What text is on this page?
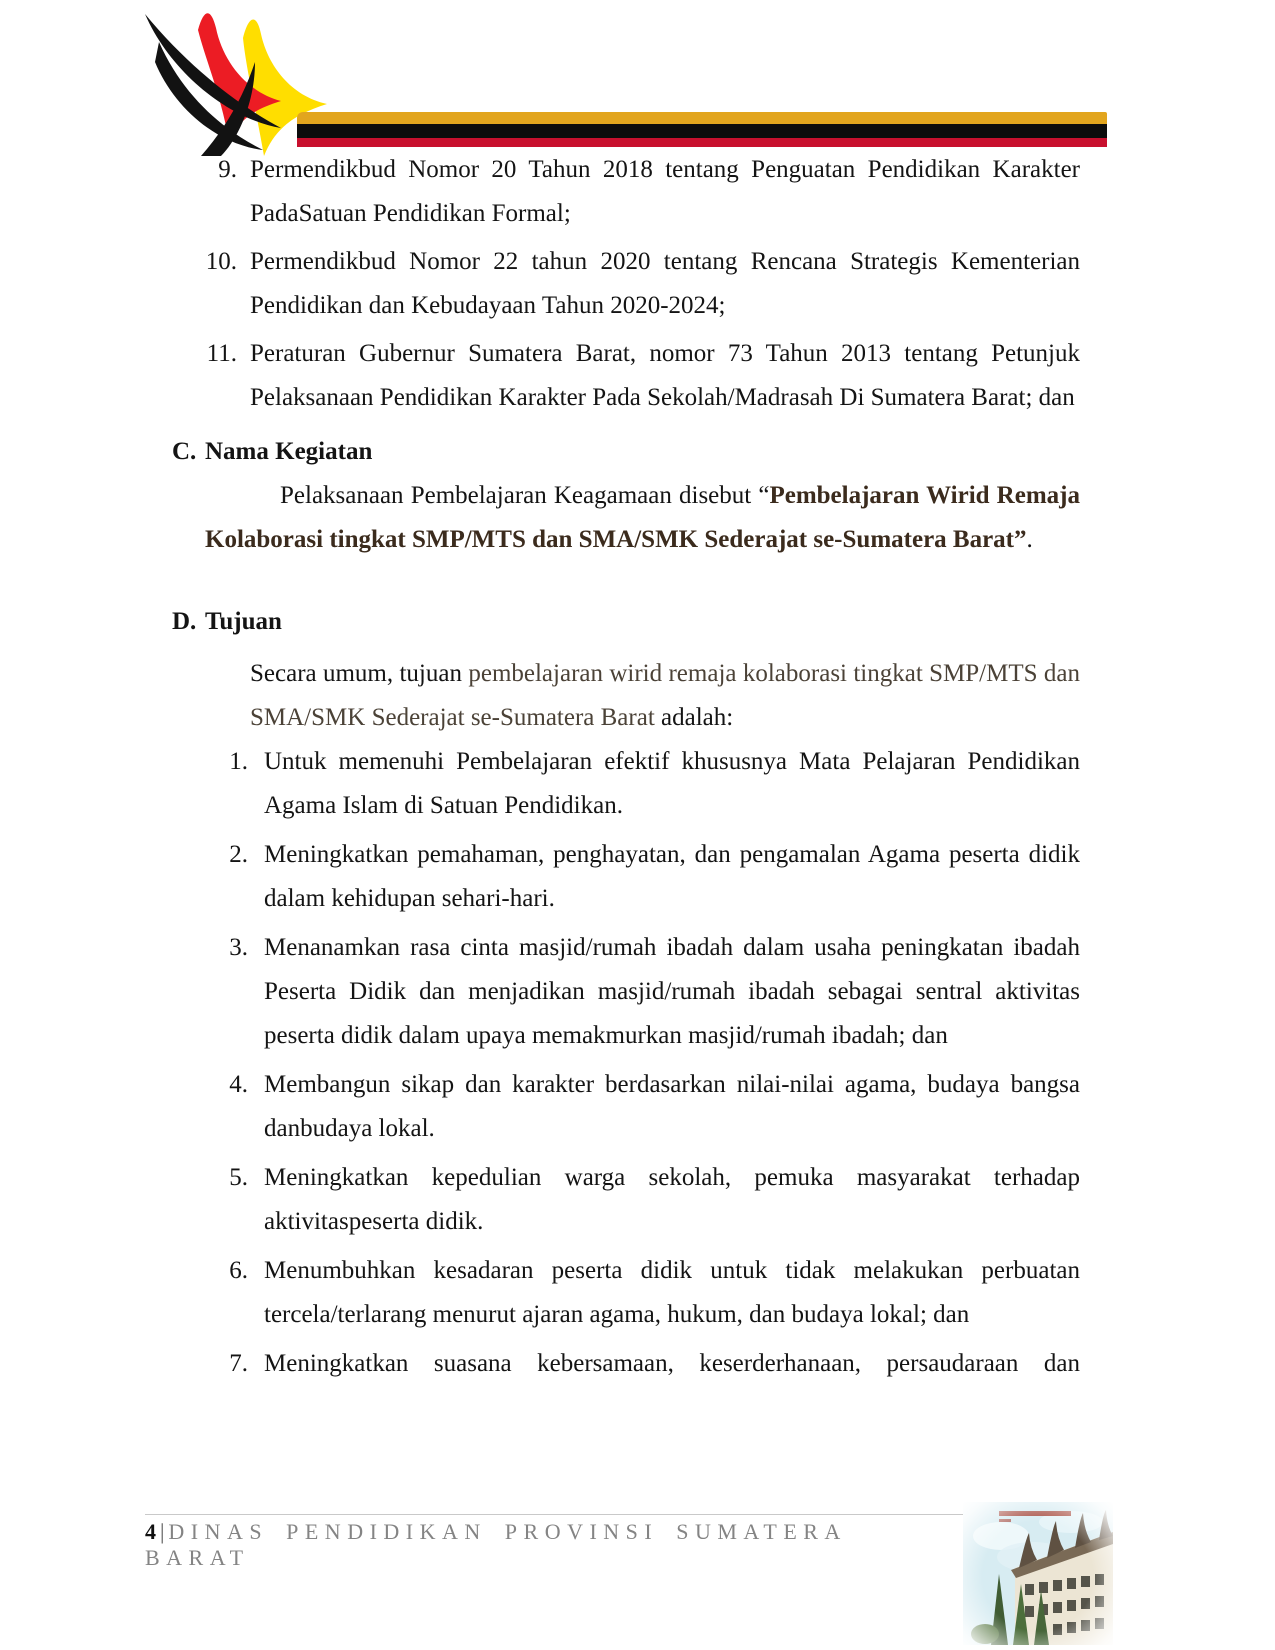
9. Permendikbud Nomor 20 Tahun 2018 tentang Penguatan Pendidikan Karakter PadaSatuan Pendidikan Formal;
10. Permendikbud Nomor 22 tahun 2020 tentang Rencana Strategis Kementerian Pendidikan dan Kebudayaan Tahun 2020-2024;
11. Peraturan Gubernur Sumatera Barat, nomor 73 Tahun 2013 tentang Petunjuk Pelaksanaan Pendidikan Karakter Pada Sekolah/Madrasah Di Sumatera Barat; dan
C. Nama Kegiatan

Pelaksanaan Pembelajaran Keagamaan disebut “Pembelajaran Wirid Remaja Kolaborasi tingkat SMP/MTS dan SMA/SMK Sederajat se-Sumatera Barat”.

D. Tujuan

Secara umum, tujuan pembelajaran wirid remaja kolaborasi tingkat SMP/MTS dan SMA/SMK Sederajat se-Sumatera Barat adalah:

1. Untuk memenuhi Pembelajaran efektif khususnya Mata Pelajaran Pendidikan Agama Islam di Satuan Pendidikan.
2. Meningkatkan pemahaman, penghayatan, dan pengamalan Agama peserta didik dalam kehidupan sehari-hari.
3. Menanamkan rasa cinta masjid/rumah ibadah dalam usaha peningkatan ibadah Peserta Didik dan menjadikan masjid/rumah ibadah sebagai sentral aktivitas peserta didik dalam upaya memakmurkan masjid/rumah ibadah; dan
4. Membangun sikap dan karakter berdasarkan nilai-nilai agama, budaya bangsa danbudaya lokal.
5. Meningkatkan kepedulian warga sekolah, pemuka masyarakat terhadap aktivitaspeserta didik.
6. Menumbuhkan kesadaran peserta didik untuk tidak melakukan perbuatan tercela/terlarang menurut ajaran agama, hukum, dan budaya lokal; dan
7. Meningkatkan suasana kebersamaan, keserderhanaan, persaudaraan dan
4| DINAS PENDIDIKAN PROVINSI SUMATERA BARAT
